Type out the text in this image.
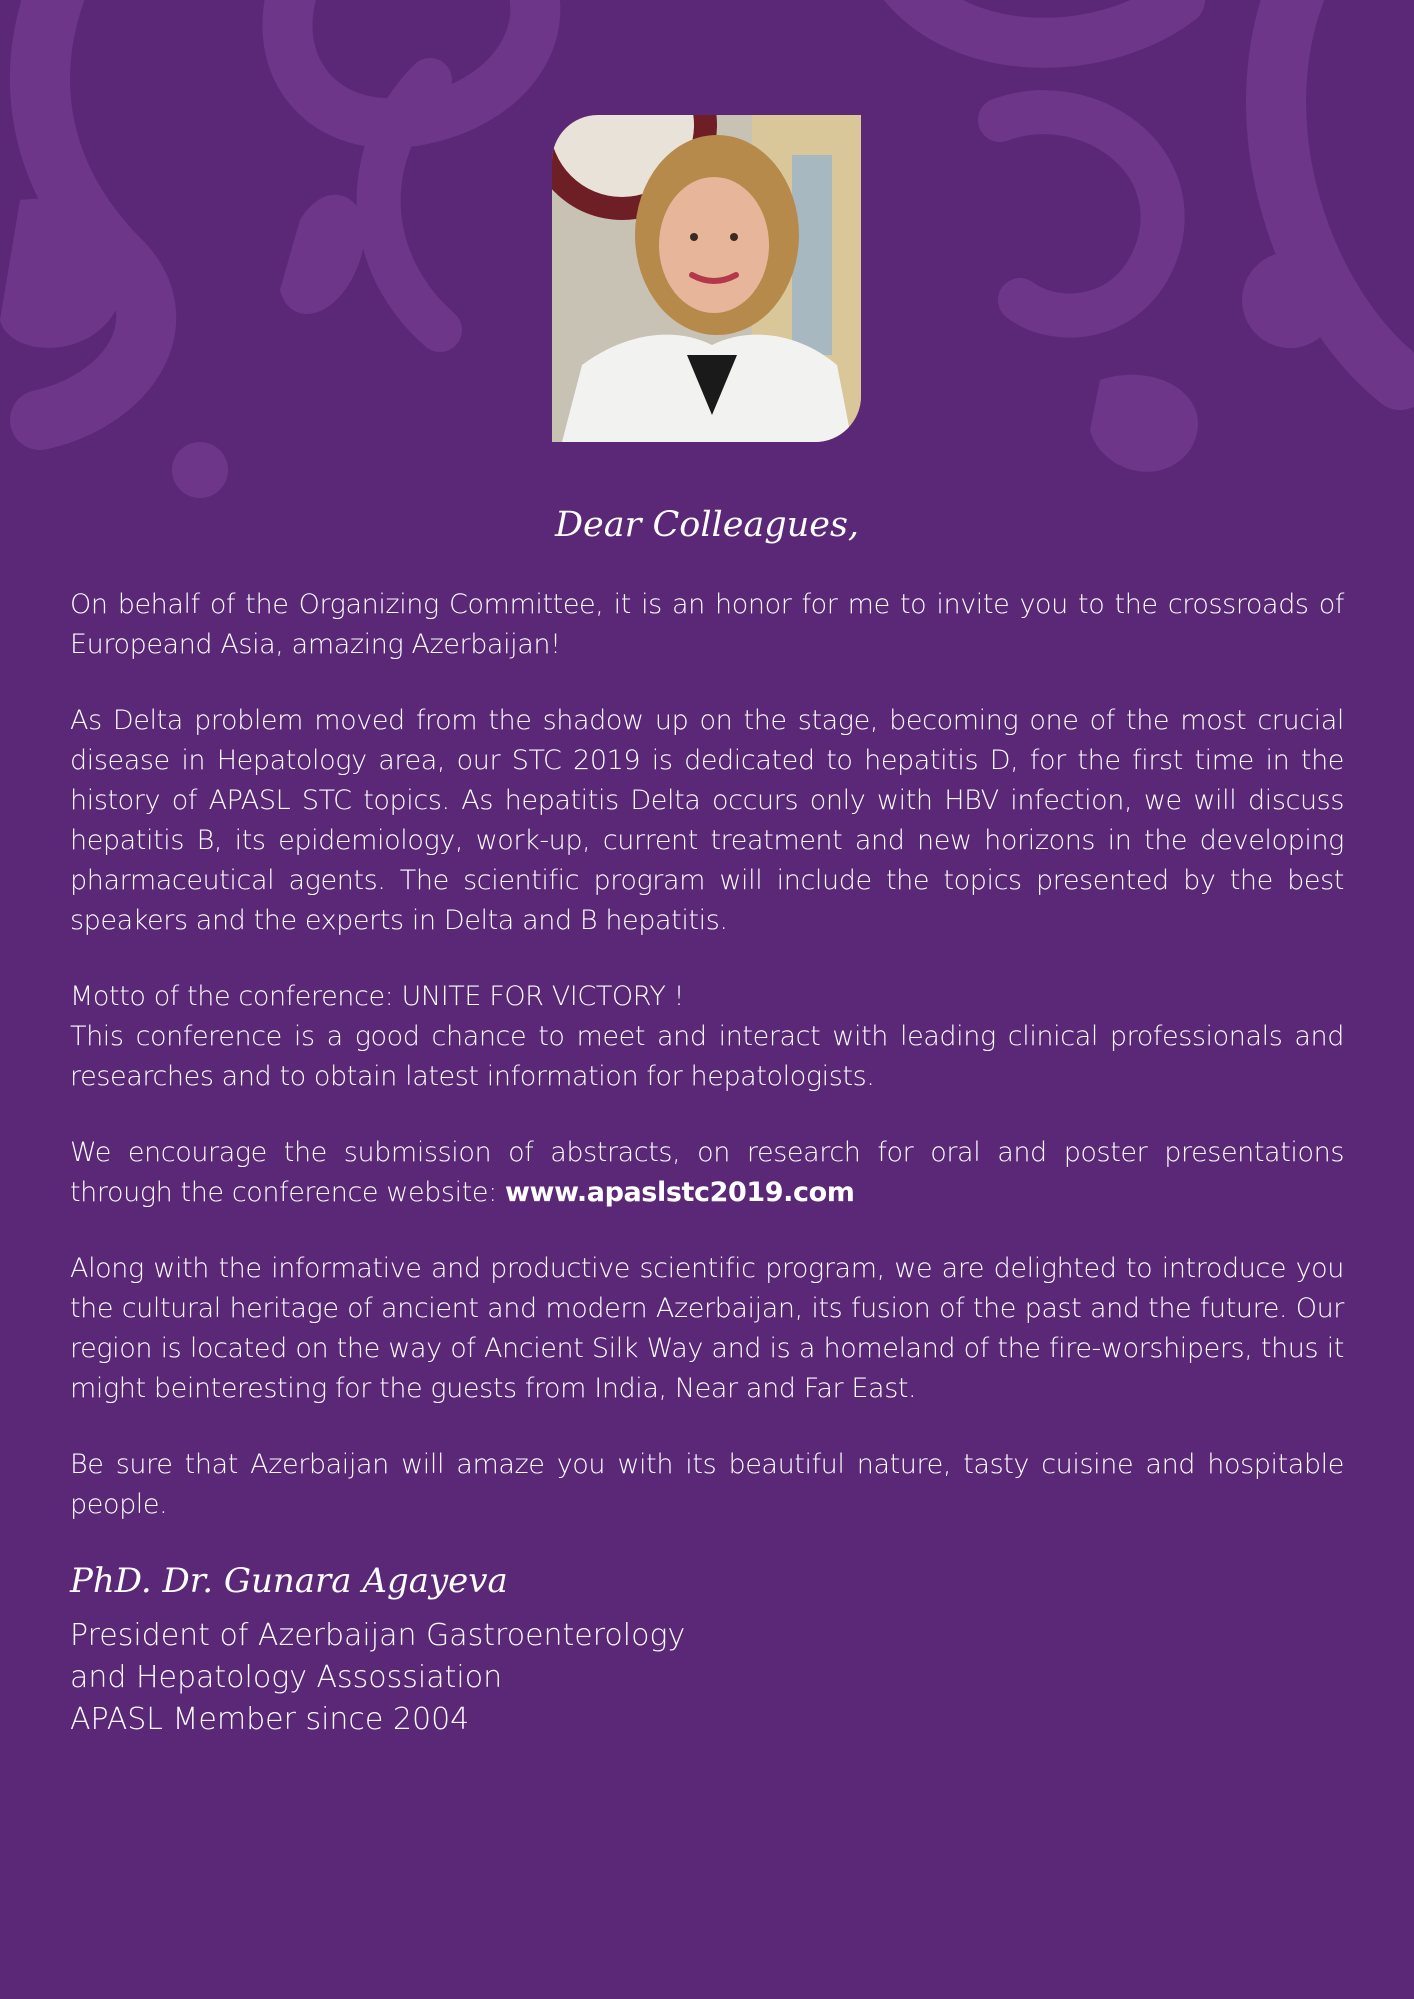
Dear Colleagues,

On behalf of the Organizing Committee, it is an honor for me to invite you to the crossroads of Europeand Asia, amazing Azerbaijan!

As Delta problem moved from the shadow up on the stage, becoming one of the most crucial disease in Hepatology area, our STC 2019 is dedicated to hepatitis D, for the first time in the history of APASL STC topics. As hepatitis Delta occurs only with HBV infection, we will discuss hepatitis B, its epidemiology, work-up, current treatment and new horizons in the developing pharmaceutical agents. The scientific program will include the topics presented by the best speakers and the experts in Delta and B hepatitis.

Motto of the conference: UNITE FOR VICTORY !

This conference is a good chance to meet and interact with leading clinical professionals and researches and to obtain latest information for hepatologists.

We encourage the submission of abstracts, on research for oral and poster presentations through the conference website: www.apaslstc2019.com

Along with the informative and productive scientific program, we are delighted to introduce you the cultural heritage of ancient and modern Azerbaijan, its fusion of the past and the future. Our region is located on the way of Ancient Silk Way and is a homeland of the fire-worshipers, thus it might beinteresting for the guests from India, Near and Far East.

Be sure that Azerbaijan will amaze you with its beautiful nature, tasty cuisine and hospitable people.

PhD. Dr. Gunara Agayeva
President of Azerbaijan Gastroenterology
and Hepatology Assossiation
APASL Member since 2004
